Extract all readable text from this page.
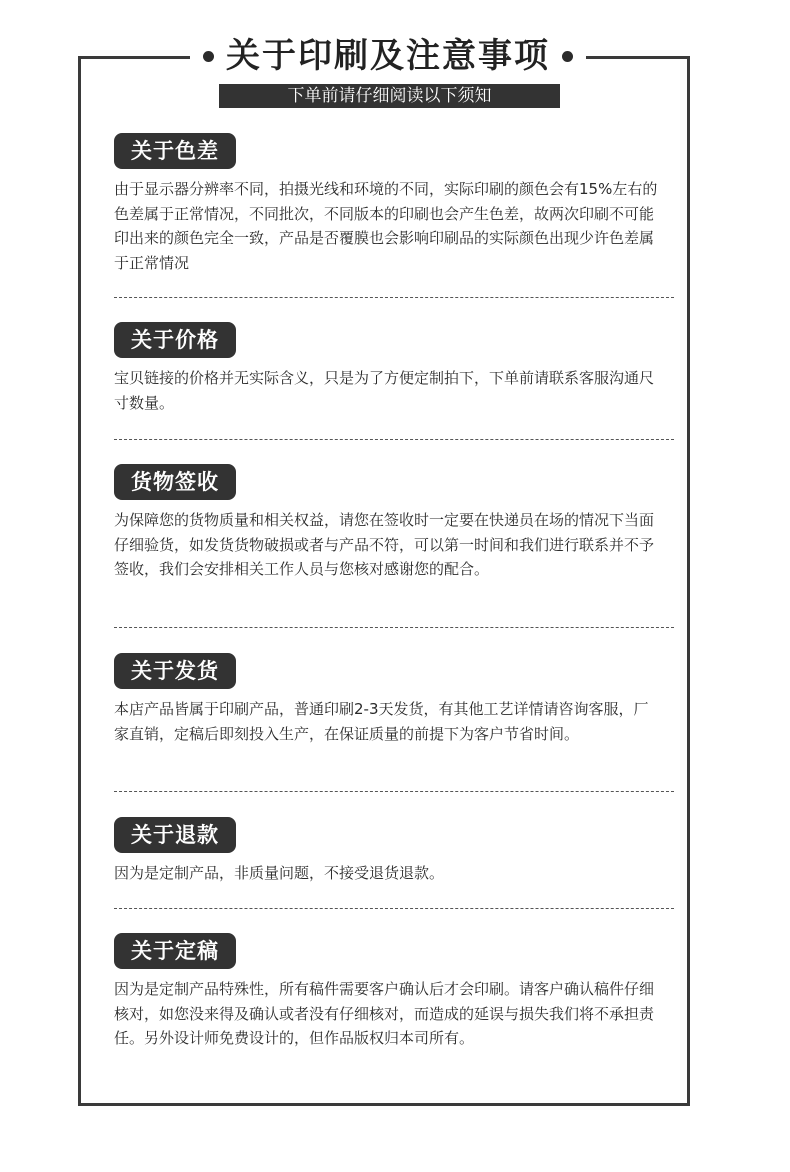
关于印刷及注意事项
下单前请仔细阅读以下须知
关于色差
由于显示器分辨率不同，拍摄光线和环境的不同，实际印刷的颜色会有15%左右的色差属于正常情况，不同批次，不同版本的印刷也会产生色差，故两次印刷不可能印出来的颜色完全一致，产品是否覆膜也会影响印刷品的实际颜色出现少许色差属于正常情况
关于价格
宝贝链接的价格并无实际含义，只是为了方便定制拍下，下单前请联系客服沟通尺寸数量。
货物签收
为保障您的货物质量和相关权益，请您在签收时一定要在快递员在场的情况下当面仔细验货，如发货货物破损或者与产品不符，可以第一时间和我们进行联系并不予签收，我们会安排相关工作人员与您核对感谢您的配合。
关于发货
本店产品皆属于印刷产品，普通印刷2-3天发货，有其他工艺详情请咨询客服，厂家直销，定稿后即刻投入生产，在保证质量的前提下为客户节省时间。
关于退款
因为是定制产品，非质量问题，不接受退货退款。
关于定稿
因为是定制产品特殊性，所有稿件需要客户确认后才会印刷。请客户确认稿件仔细核对，如您没来得及确认或者没有仔细核对，而造成的延误与损失我们将不承担责任。另外设计师免费设计的，但作品版权归本司所有。
